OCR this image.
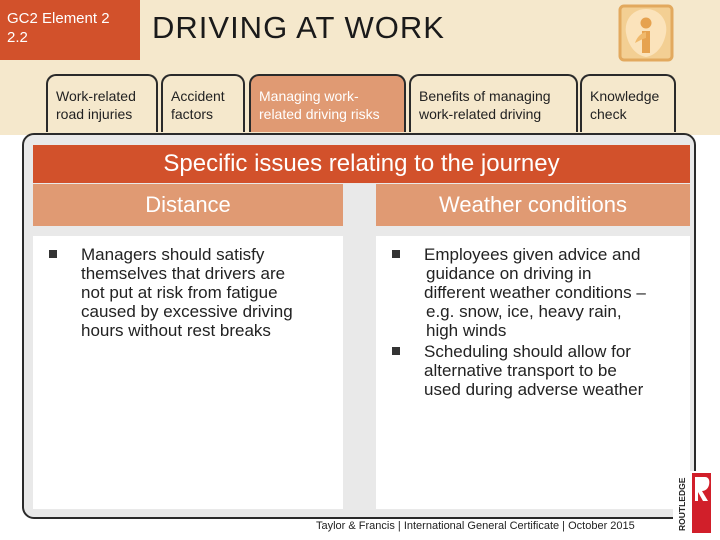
GC2 Element 2
2.2	DRIVING AT WORK
Work-related
road injuries
Accident
factors
Managing work-
related driving risks
Benefits of managing
work-related driving
Knowledge
check
Specific issues relating to the journey
Distance	Weather conditions
Managers should satisfy
themselves that drivers are
not put at risk from fatigue
caused by excessive driving
hours without rest breaks
Employees given advice and
guidance on driving in
different weather conditions –
e.g. snow, ice, heavy rain,
high winds
Scheduling should allow for
alternative transport to be
used during adverse weather
Taylor & Francis | International General Certificate | October 2015	ROUTLEDGE
